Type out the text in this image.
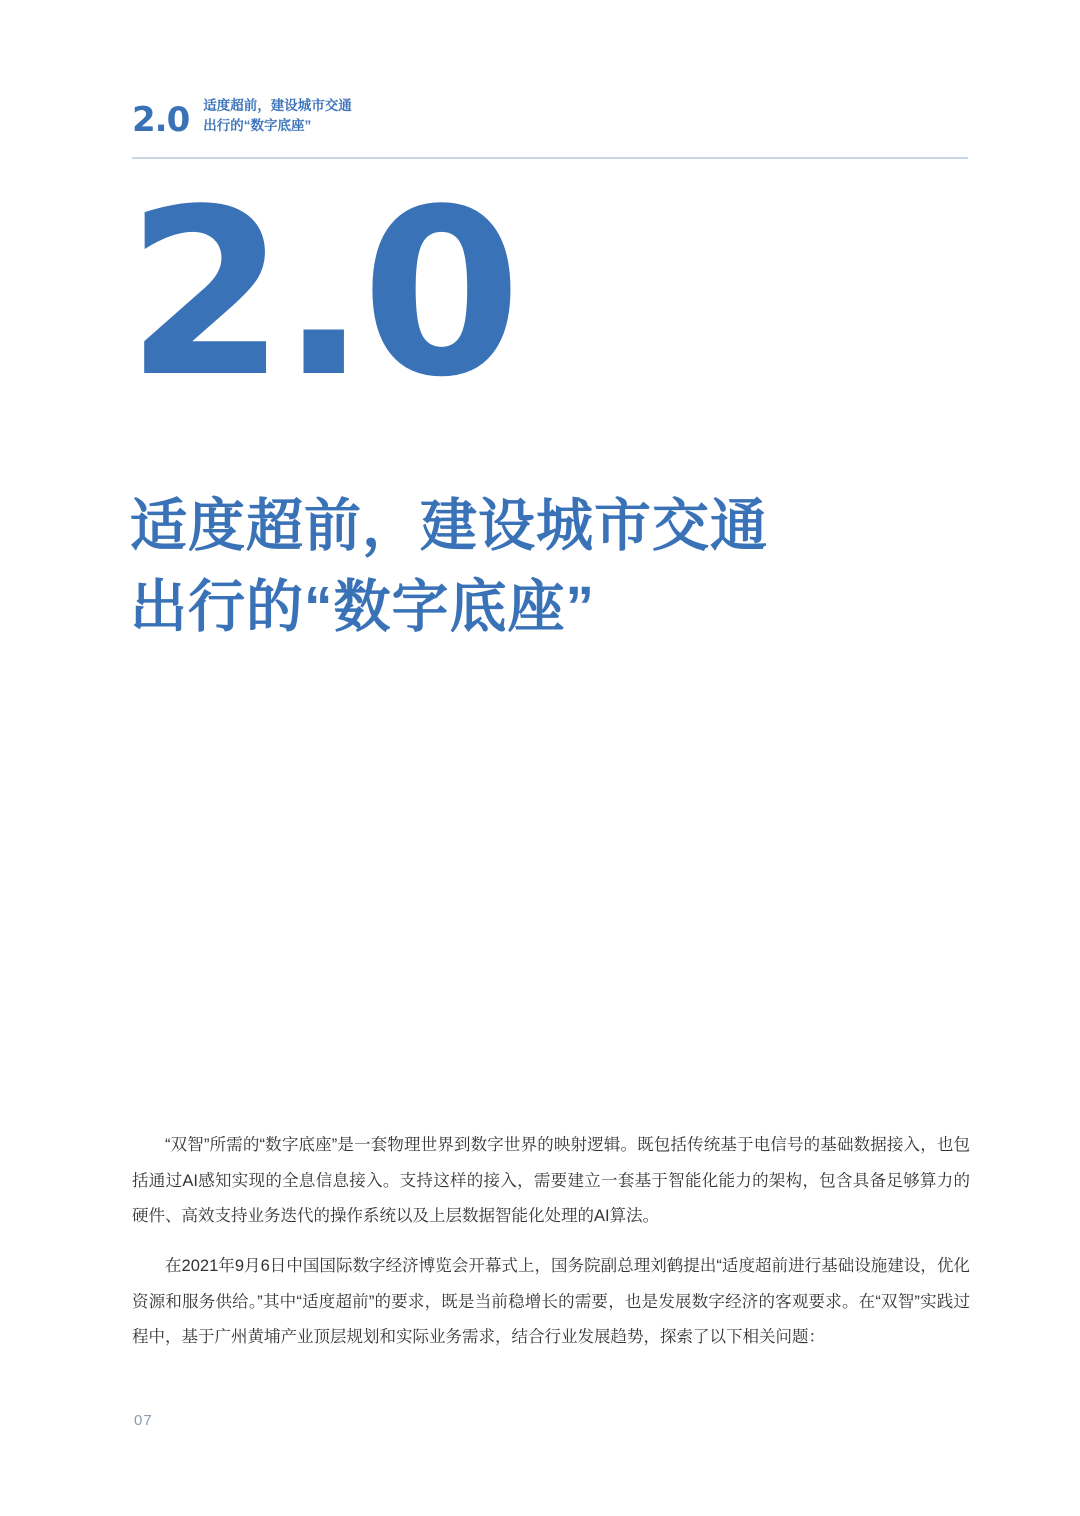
2.0 适度超前，建设城市交通
出行的“数字底座”
2.0
适度超前，建设城市交通
出行的“数字底座”

“双智”所需的“数字底座”是一套物理世界到数字世界的映射逻辑。既包括传统基于电信号的基础数据接入，也包括通过AI感知实现的全息信息接入。支持这样的接入，需要建立一套基于智能化能力的架构，包含具备足够算力的硬件、高效支持业务迭代的操作系统以及上层数据智能化处理的AI算法。

在2021年9月6日中国国际数字经济博览会开幕式上，国务院副总理刘鹤提出“适度超前进行基础设施建设，优化资源和服务供给。”其中“适度超前”的要求，既是当前稳增长的需要，也是发展数字经济的客观要求。在“双智”实践过程中，基于广州黄埔产业顶层规划和实际业务需求，结合行业发展趋势，探索了以下相关问题：

07
